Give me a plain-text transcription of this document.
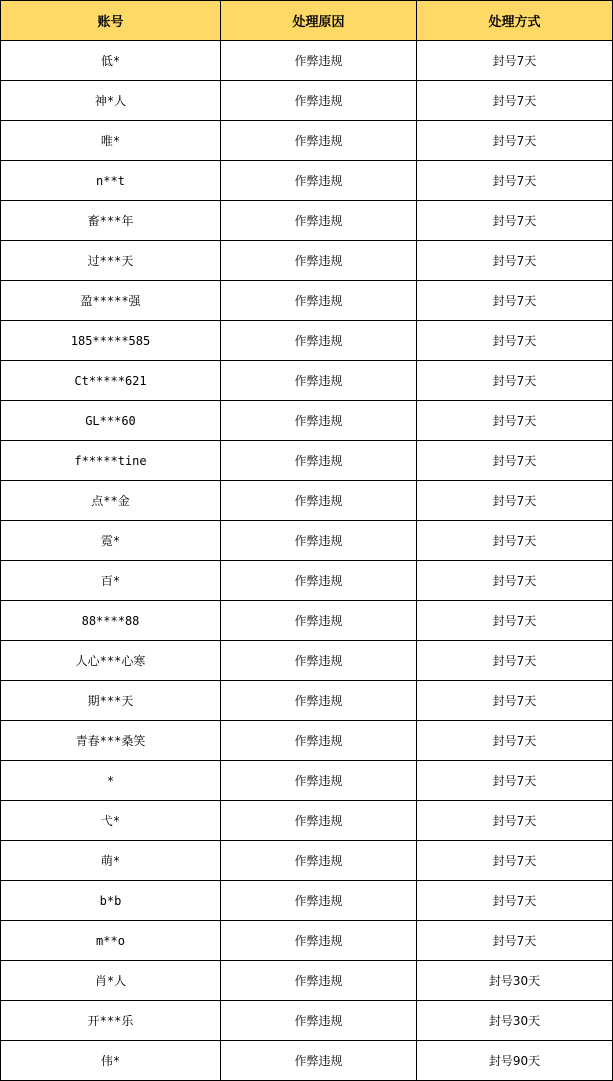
账号	处理原因	处理方式
低*	作弊违规	封号7天
神*人	作弊违规	封号7天
唯*	作弊违规	封号7天
n**t	作弊违规	封号7天
畜***年	作弊违规	封号7天
过***天	作弊违规	封号7天
盈*****强	作弊违规	封号7天
185*****585	作弊违规	封号7天
Ct*****621	作弊违规	封号7天
GL***60	作弊违规	封号7天
f*****tine	作弊违规	封号7天
点**金	作弊违规	封号7天
霓*	作弊违规	封号7天
百*	作弊违规	封号7天
88****88	作弊违规	封号7天
人心***心寒	作弊违规	封号7天
期***天	作弊违规	封号7天
青春***桑笑	作弊违规	封号7天
*	作弊违规	封号7天
弋*	作弊违规	封号7天
萌*	作弊违规	封号7天
b*b	作弊违规	封号7天
m**o	作弊违规	封号7天
肖*人	作弊违规	封号30天
开***乐	作弊违规	封号30天
伟*	作弊违规	封号90天
